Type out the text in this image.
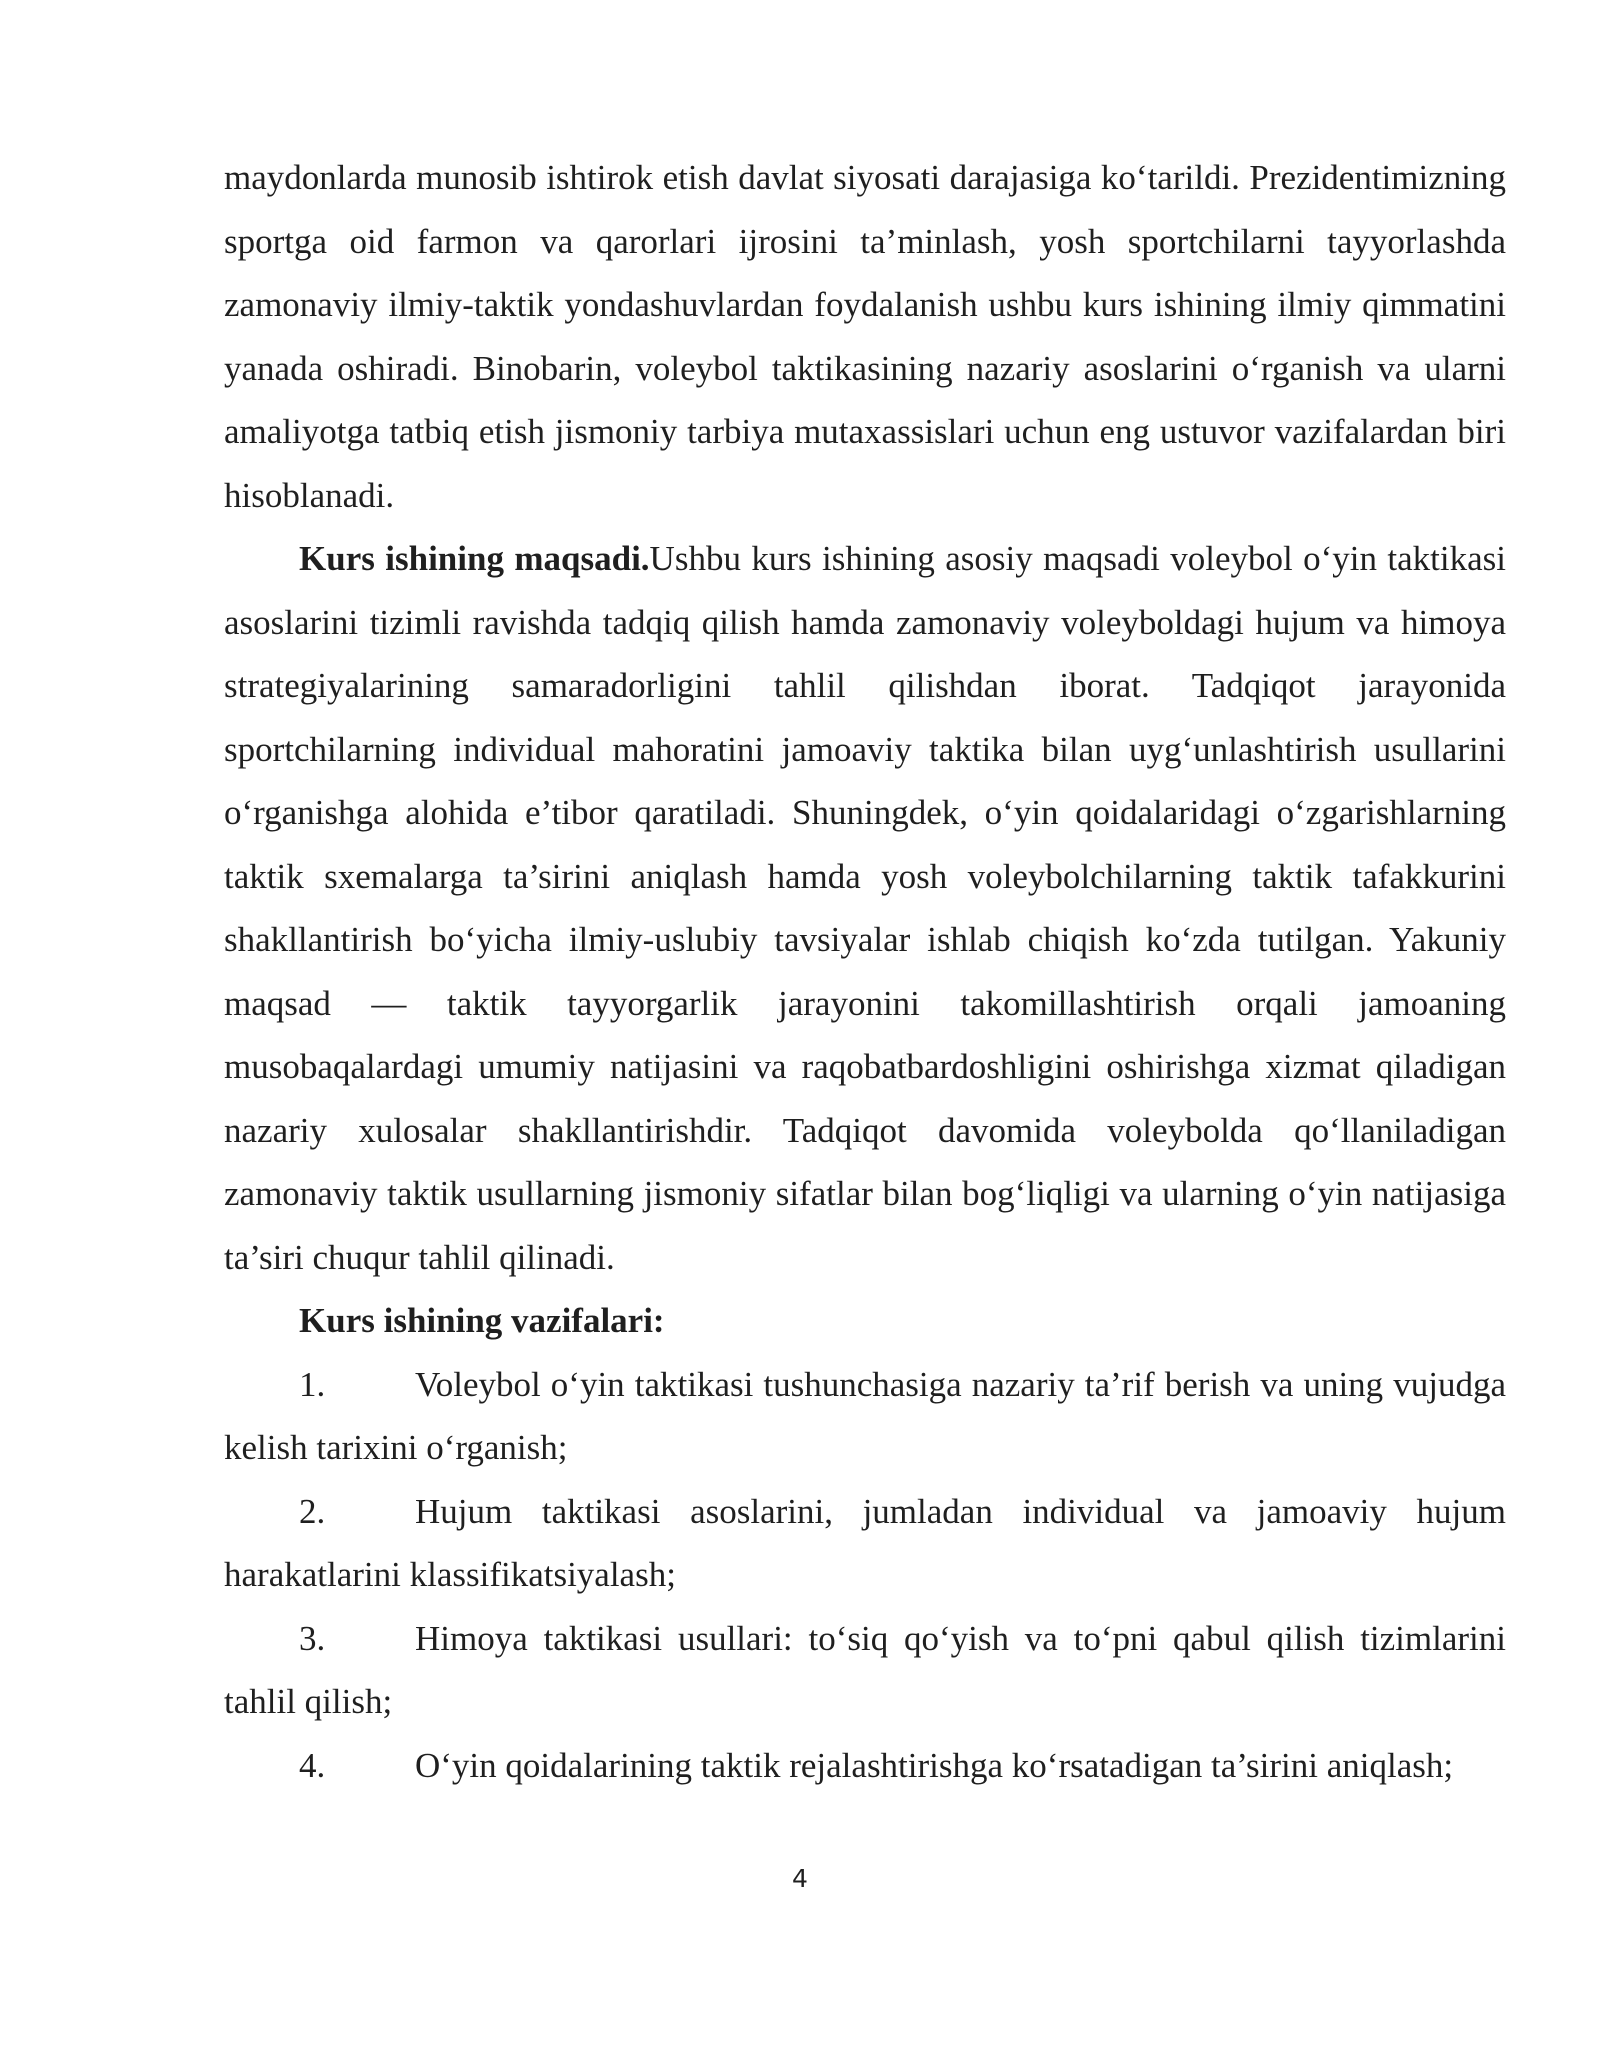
maydonlarda munosib ishtirok etish davlat siyosati darajasiga ko‘tarildi. Prezidentimizning sportga oid farmon va qarorlari ijrosini ta’minlash, yosh sportchilarni tayyorlashda zamonaviy ilmiy-taktik yondashuvlardan foydalanish ushbu kurs ishining ilmiy qimmatini yanada oshiradi. Binobarin, voleybol taktikasining nazariy asoslarini o‘rganish va ularni amaliyotga tatbiq etish jismoniy tarbiya mutaxassislari uchun eng ustuvor vazifalardan biri hisoblanadi.

Kurs ishining maqsadi.Ushbu kurs ishining asosiy maqsadi voleybol o‘yin taktikasi asoslarini tizimli ravishda tadqiq qilish hamda zamonaviy voleyboldagi hujum va himoya strategiyalarining samaradorligini tahlil qilishdan iborat. Tadqiqot jarayonida sportchilarning individual mahoratini jamoaviy taktika bilan uyg‘unlashtirish usullarini o‘rganishga alohida e’tibor qaratiladi. Shuningdek, o‘yin qoidalaridagi o‘zgarishlarning taktik sxemalarga ta’sirini aniqlash hamda yosh voleybolchilarning taktik tafakkurini shakllantirish bo‘yicha ilmiy-uslubiy tavsiyalar ishlab chiqish ko‘zda tutilgan. Yakuniy maqsad — taktik tayyorgarlik jarayonini takomillashtirish orqali jamoaning musobaqalardagi umumiy natijasini va raqobatbardoshligini oshirishga xizmat qiladigan nazariy xulosalar shakllantirishdir. Tadqiqot davomida voleybolda qo‘llaniladigan zamonaviy taktik usullarning jismoniy sifatlar bilan bog‘liqligi va ularning o‘yin natijasiga ta’siri chuqur tahlil qilinadi.

Kurs ishining vazifalari:

1.	Voleybol o‘yin taktikasi tushunchasiga nazariy ta’rif berish va uning vujudga kelish tarixini o‘rganish;

2.	Hujum taktikasi asoslarini, jumladan individual va jamoaviy hujum harakatlarini klassifikatsiyalash;

3.	Himoya taktikasi usullari: to‘siq qo‘yish va to‘pni qabul qilish tizimlarini tahlil qilish;

4.	O‘yin qoidalarining taktik rejalashtirishga ko‘rsatadigan ta’sirini aniqlash;

4
